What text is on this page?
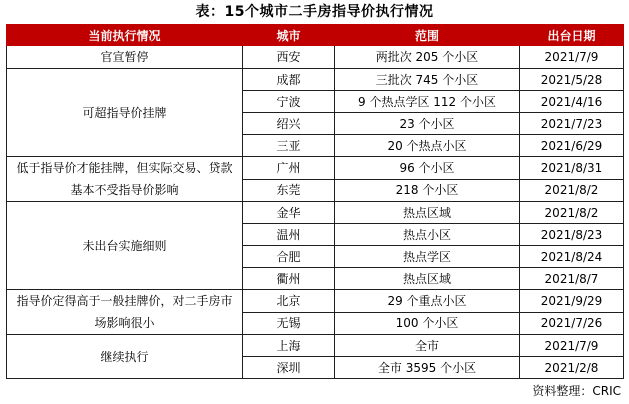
表：15个城市二手房指导价执行情况
当前执行情况	城市	范围	出台日期
官宣暂停	西安	两批次 205 个小区	2021/7/9
可超指导价挂牌	成都	三批次 745 个小区	2021/5/28
	宁波	9 个热点学区 112 个小区	2021/4/16
	绍兴	23 个小区	2021/7/23
	三亚	20 个热点小区	2021/6/29
低于指导价才能挂牌，但实际交易、贷款基本不受指导价影响	广州	96 个小区	2021/8/31
	东莞	218 个小区	2021/8/2
未出台实施细则	金华	热点区域	2021/8/2
	温州	热点小区	2021/8/23
	合肥	热点学区	2021/8/24
	衢州	热点区域	2021/8/7
指导价定得高于一般挂牌价，对二手房市场影响很小	北京	29 个重点小区	2021/9/29
	无锡	100 个小区	2021/7/26
继续执行	上海	全市	2021/7/9
	深圳	全市 3595 个小区	2021/2/8
资料整理：CRIC
